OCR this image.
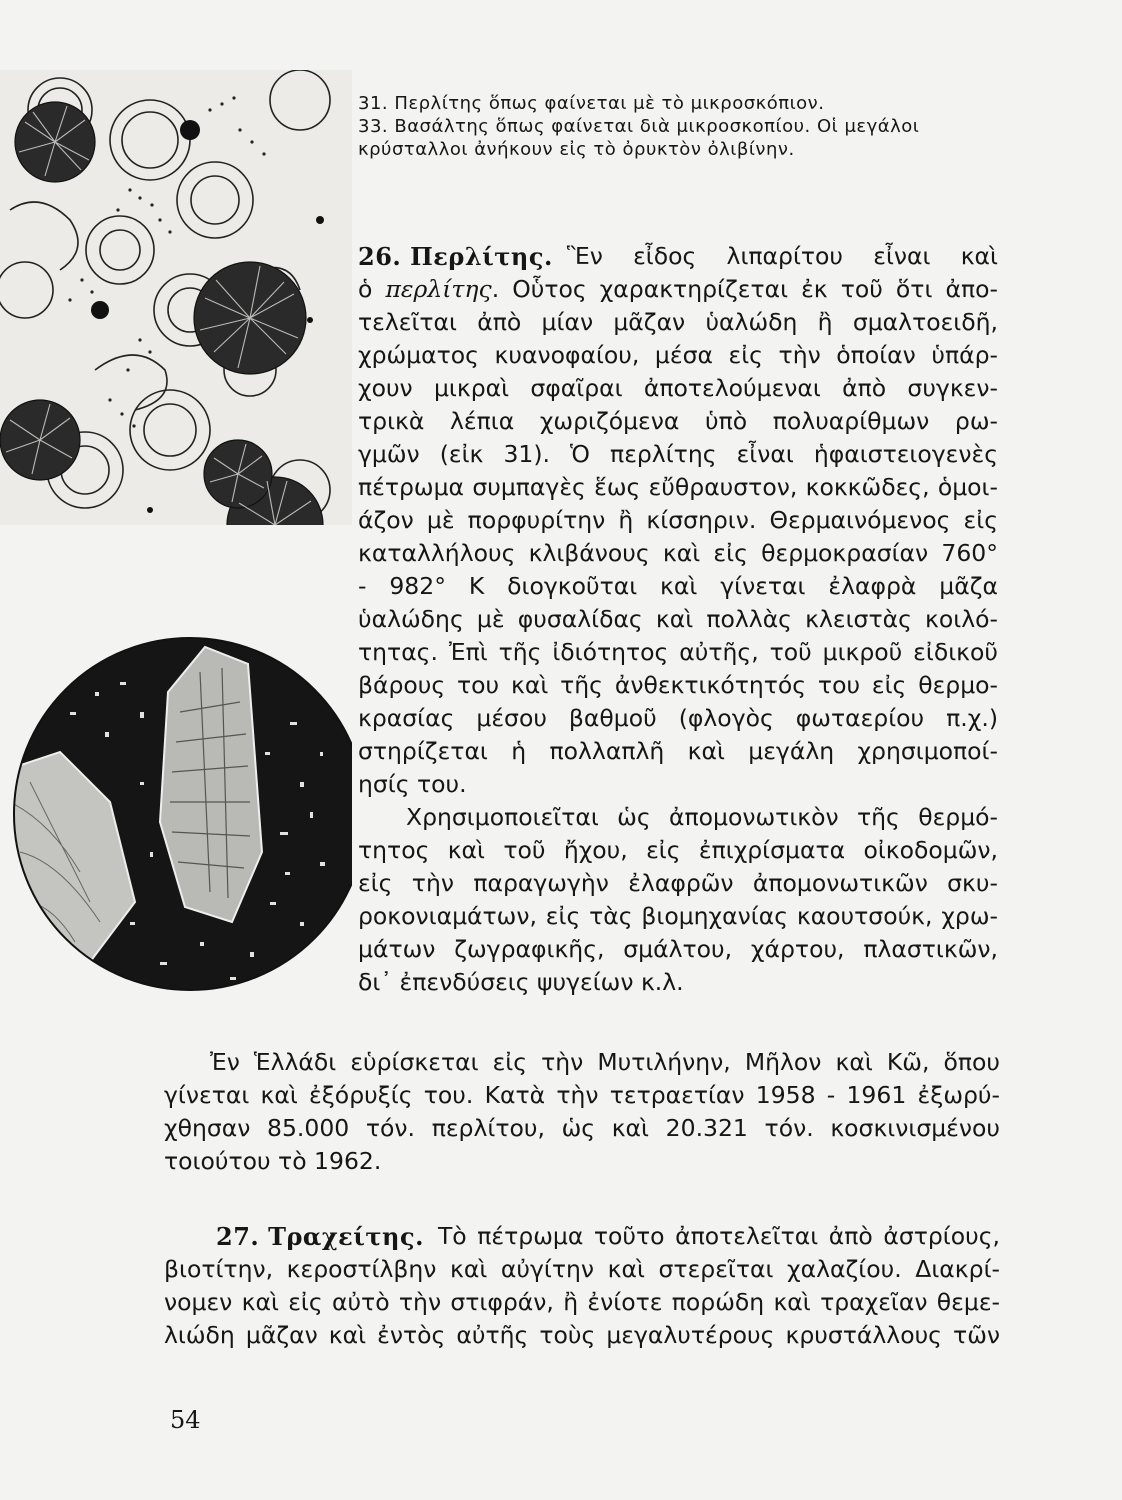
31. Περλίτης ὅπως φαίνεται μὲ τὸ μικροσκόπιον.

33. Βασάλτης ὅπως φαίνεται διὰ μικροσκοπίου. Οἱ μεγάλοι

κρύσταλλοι ἀνήκουν εἰς τὸ ὀρυκτὸν ὀλιβίνην.

26. Περλίτης. Ἓν εἶδος λιπαρίτου εἶναι καὶ
ὁ περλίτης. Οὗτος χαρακτηρίζεται ἐκ τοῦ ὅτι ἀπο-
τελεῖται ἀπὸ μίαν μᾶζαν ὑαλώδη ἢ σμαλτοειδῆ,
χρώματος κυανοφαίου, μέσα εἰς τὴν ὁποίαν ὑπάρ-
χουν μικραὶ σφαῖραι ἀποτελούμεναι ἀπὸ συγκεν-
τρικὰ λέπια χωριζόμενα ὑπὸ πολυαρίθμων ρω-
γμῶν (εἰκ 31). Ὁ περλίτης εἶναι ἡφαιστειογενὲς
πέτρωμα συμπαγὲς ἕως εὔθραυστον, κοκκῶδες, ὁμοι-
άζον μὲ πορφυρίτην ἢ κίσσηριν. Θερμαινόμενος εἰς
καταλλήλους κλιβάνους καὶ εἰς θερμοκρασίαν 760°
- 982° Κ διογκοῦται καὶ γίνεται ἐλαφρὰ μᾶζα
ὑαλώδης μὲ φυσαλίδας καὶ πολλὰς κλειστὰς κοιλό-
τητας. Ἐπὶ τῆς ἰδιότητος αὐτῆς, τοῦ μικροῦ εἰδικοῦ
βάρους του καὶ τῆς ἀνθεκτικότητός του εἰς θερμο-
κρασίας μέσου βαθμοῦ (φλογὸς φωταερίου π.χ.)
στηρίζεται ἡ πολλαπλῆ καὶ μεγάλη χρησιμοποί-
ησίς του.
Χρησιμοποιεῖται ὡς ἀπομονωτικὸν τῆς θερμό-
τητος καὶ τοῦ ἤχου, εἰς ἐπιχρίσματα οἰκοδομῶν,
εἰς τὴν παραγωγὴν ἐλαφρῶν ἀπομονωτικῶν σκυ-
ροκονιαμάτων, εἰς τὰς βιομηχανίας καουτσούκ, χρω-
μάτων ζωγραφικῆς, σμάλτου, χάρτου, πλαστικῶν,
δι᾽ ἐπενδύσεις ψυγείων κ.λ.
Ἐν Ἑλλάδι εὑρίσκεται εἰς τὴν Μυτιλήνην, Μῆλον καὶ Κῶ, ὅπου
γίνεται καὶ ἐξόρυξίς του. Κατὰ τὴν τετραετίαν 1958 - 1961 ἐξωρύ-
χθησαν 85.000 τόν. περλίτου, ὡς καὶ 20.321 τόν. κοσκινισμένου
τοιούτου τὸ 1962.
27. Τραχείτης. Τὸ πέτρωμα τοῦτο ἀποτελεῖται ἀπὸ ἀστρίους,
βιοτίτην, κεροστίλβην καὶ αὐγίτην καὶ στερεῖται χαλαζίου. Διακρί-
νομεν καὶ εἰς αὐτὸ τὴν στιφράν, ἢ ἐνίοτε πορώδη καὶ τραχεῖαν θεμε-
λιώδη μᾶζαν καὶ ἐντὸς αὐτῆς τοὺς μεγαλυτέρους κρυστάλλους τῶν
54
